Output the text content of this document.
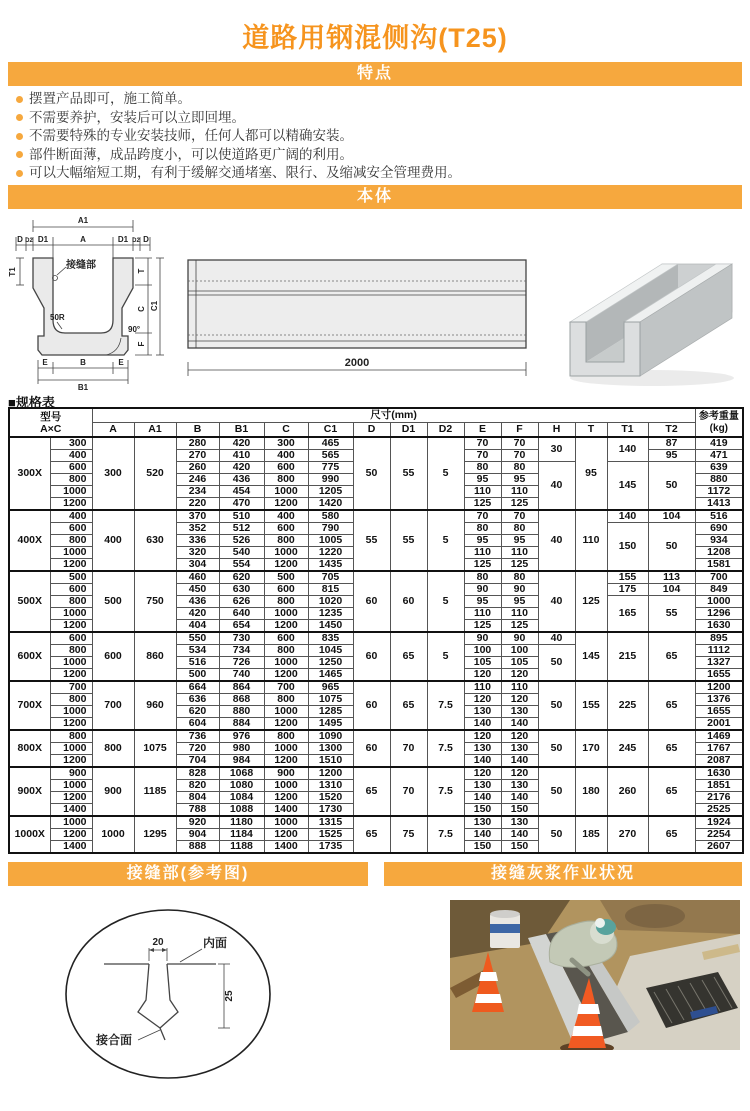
道路用钢混侧沟(T25)
特点
摆置产品即可，施工简单。
不需要养护，安装后可以立即回埋。
不需要特殊的专业安装技师，任何人都可以精确安装。
部件断面薄，成品跨度小，可以使道路更广阔的利用。
可以大幅缩短工期，有利于缓解交通堵塞、限行、及缩减安全管理费用。
本体
A1
D D2 D1	A	D1 D2 D
T1
接缝部
50R
90°
E	B	E
B1
T
C
F
C1
2000
■规格表
型号
A×C
	尺寸(mm)	参考重量
(kg)

		A	A1	B	B1	C	C1	D	D1	D2	E	F	H	T	T1	T2	
300X	300	300	520	280	420	300	465	50	55	5	70	70	30	95	140	87	419
	400			270	410	400	565				70	70				95	471
	600			260	420	600	775				80	80	40		145	50	639
	800			246	436	800	990				95	95					880
	1000			234	454	1000	1205				110	110					1172
	1200			220	470	1200	1420				125	125					1413
400X	400	400	630	370	510	400	580	55	55	5	70	70	40	110	140	104	516
	600			352	512	600	790				80	80			150	50	690
	800			336	526	800	1005				95	95					934
	1000			320	540	1000	1220				110	110					1208
	1200			304	554	1200	1435				125	125					1581
500X	500	500	750	460	620	500	705	60	60	5	80	80	40	125	155	113	700
	600			450	630	600	815				90	90			175	104	849
	800			436	626	800	1020				95	95			165	55	1000
	1000			420	640	1000	1235				110	110					1296
	1200			404	654	1200	1450				125	125					1630
600X	600	600	860	550	730	600	835	60	65	5	90	90	40	145	215	65	895
	800			534	734	800	1045				100	100	50				1112
	1000			516	726	1000	1250				105	105					1327
	1200			500	740	1200	1465				120	120					1655
700X	700	700	960	664	864	700	965	60	65	7.5	110	110	50	155	225	65	1200
	800			636	868	800	1075				120	120					1376
	1000			620	880	1000	1285				130	130					1655
	1200			604	884	1200	1495				140	140					2001
800X	800	800	1075	736	976	800	1090	60	70	7.5	120	120	50	170	245	65	1469
	1000			720	980	1000	1300				130	130					1767
	1200			704	984	1200	1510				140	140					2087
900X	900	900	1185	828	1068	900	1200	65	70	7.5	120	120	50	180	260	65	1630
	1000			820	1080	1000	1310				130	130					1851
	1200			804	1084	1200	1520				140	140					2176
	1400			788	1088	1400	1730				150	150					2525
1000X	1000	1000	1295	920	1180	1000	1315	65	75	7.5	130	130	50	185	270	65	1924
	1200			904	1184	1200	1525				140	140					2254
	1400			888	1188	1400	1735				150	150					2607
接缝部(参考图)	接缝灰浆作业状况
20	内面
25
接合面
